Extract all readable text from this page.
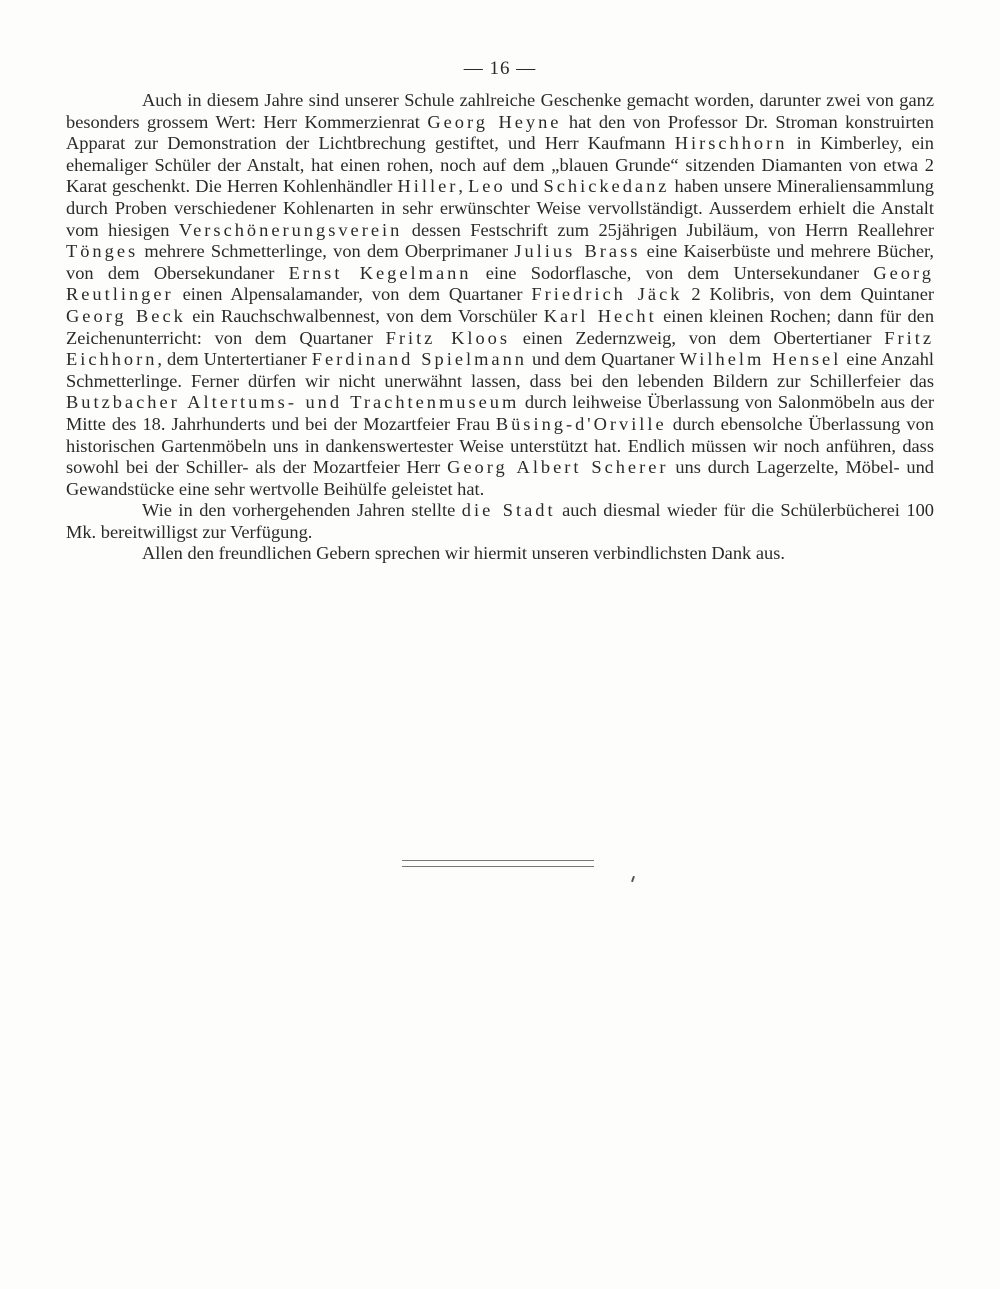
— 16 —

Auch in diesem Jahre sind unserer Schule zahlreiche Geschenke gemacht worden, darunter zwei von ganz besonders grossem Wert: Herr Kommerzienrat Georg Heyne hat den von Professor Dr. Stroman konstruirten Apparat zur Demonstration der Lichtbrechung gestiftet, und Herr Kaufmann Hirschhorn in Kimberley, ein ehemaliger Schüler der Anstalt, hat einen rohen, noch auf dem „blauen Grunde“ sitzenden Diamanten von etwa 2 Karat geschenkt. Die Herren Kohlenhändler Hiller, Leo und Schickedanz haben unsere Mineraliensammlung durch Proben verschiedener Kohlenarten in sehr erwünschter Weise vervollständigt. Ausserdem erhielt die Anstalt vom hiesigen Verschönerungsverein dessen Festschrift zum 25jährigen Jubiläum, von Herrn Reallehrer Tönges mehrere Schmetterlinge, von dem Oberprimaner Julius Brass eine Kaiserbüste und mehrere Bücher, von dem Obersekundaner Ernst Kegelmann eine Sodorflasche, von dem Untersekundaner Georg Reutlinger einen Alpensalamander, von dem Quartaner Friedrich Jäck 2 Kolibris, von dem Quintaner Georg Beck ein Rauchschwalbennest, von dem Vorschüler Karl Hecht einen kleinen Rochen; dann für den Zeichenunterricht: von dem Quartaner Fritz Kloos einen Zedernzweig, von dem Obertertianer Fritz Eichhorn, dem Untertertianer Ferdinand Spielmann und dem Quartaner Wilhelm Hensel eine Anzahl Schmetterlinge. Ferner dürfen wir nicht unerwähnt lassen, dass bei den lebenden Bildern zur Schillerfeier das Butzbacher Altertums- und Trachtenmuseum durch leihweise Überlassung von Salonmöbeln aus der Mitte des 18. Jahrhunderts und bei der Mozartfeier Frau Büsing-d'Orville durch ebensolche Überlassung von historischen Gartenmöbeln uns in dankenswertester Weise unterstützt hat. Endlich müssen wir noch anführen, dass sowohl bei der Schiller- als der Mozartfeier Herr Georg Albert Scherer uns durch Lagerzelte, Möbel- und Gewandstücke eine sehr wertvolle Beihülfe geleistet hat.

Wie in den vorhergehenden Jahren stellte die Stadt auch diesmal wieder für die Schülerbücherei 100 Mk. bereitwilligst zur Verfügung.

Allen den freundlichen Gebern sprechen wir hiermit unseren verbindlichsten Dank aus.
